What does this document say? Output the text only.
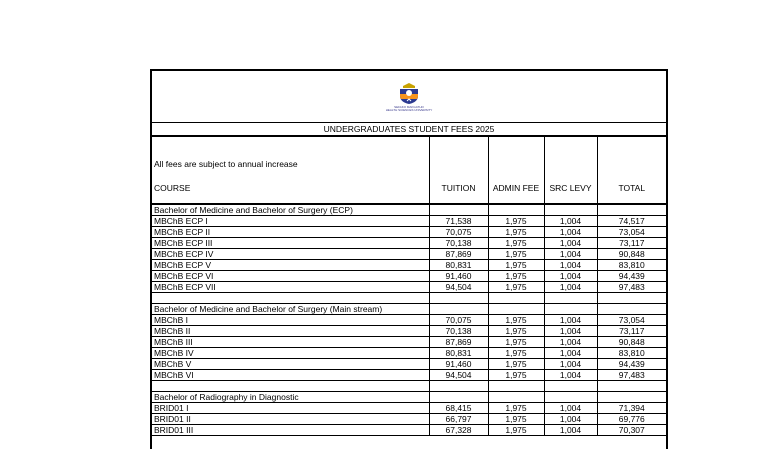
SEFAKO MAKGATHO
HEALTH SCIENCES UNIVERSITY
UNDERGRADUATES STUDENT FEES 2025
All fees are subject to annual increase
COURSE	TUITION	ADMIN FEE	SRC LEVY	TOTAL
Bachelor of Medicine and Bachelor of Surgery (ECP)				
MBChB ECP I	71,538	1,975	1,004	74,517
MBChB ECP II	70,075	1,975	1,004	73,054
MBChB ECP III	70,138	1,975	1,004	73,117
MBChB ECP IV	87,869	1,975	1,004	90,848
MBChB ECP V	80,831	1,975	1,004	83,810
MBChB ECP VI	91,460	1,975	1,004	94,439
MBChB ECP VII	94,504	1,975	1,004	97,483

Bachelor of Medicine and Bachelor of Surgery (Main stream)				
MBChB I	70,075	1,975	1,004	73,054
MBChB II	70,138	1,975	1,004	73,117
MBChB III	87,869	1,975	1,004	90,848
MBChB IV	80,831	1,975	1,004	83,810
MBChB V	91,460	1,975	1,004	94,439
MBChB VI	94,504	1,975	1,004	97,483

Bachelor of Radiography in Diagnostic				
BRID01 I	68,415	1,975	1,004	71,394
BRID01 II	66,797	1,975	1,004	69,776
BRID01 III	67,328	1,975	1,004	70,307
